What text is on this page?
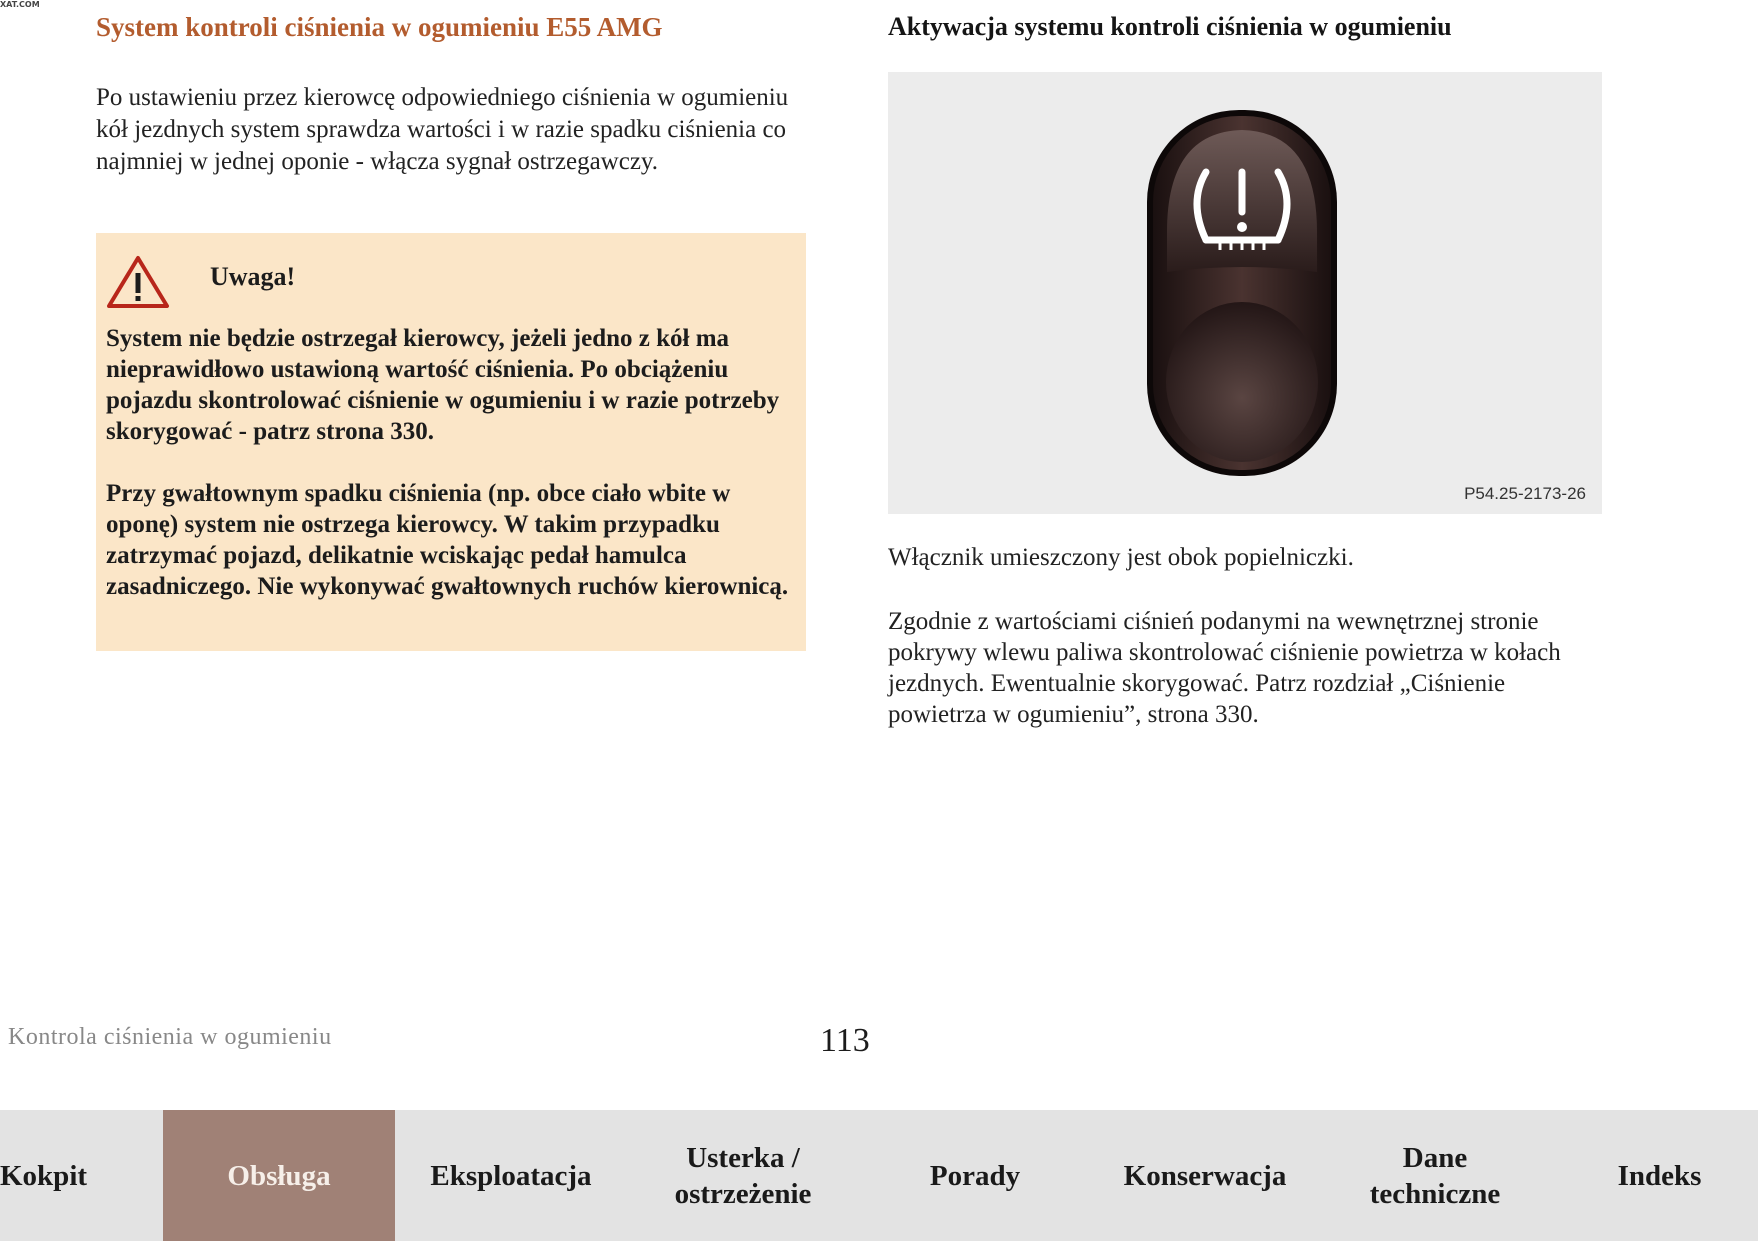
XAT.COM
System kontroli ciśnienia w ogumieniu E55 AMG
Po ustawieniu przez kierowcę odpowiedniego ciśnienia w ogumieniu kół jezdnych system sprawdza wartości i w razie spadku ciśnienia co najmniej w jednej oponie - włącza sygnał ostrzegawczy.
Uwaga!
System nie będzie ostrzegał kierowcy, jeżeli jedno z kół ma nieprawidłowo ustawioną wartość ciśnienia. Po obciążeniu pojazdu skontrolować ciśnienie w ogumieniu i w razie potrzeby skorygować - patrz strona 330.
Przy gwałtownym spadku ciśnienia (np. obce ciało wbite w oponę) system nie ostrzega kierowcy. W takim przypadku zatrzymać pojazd, delikatnie wciskając pedał hamulca zasadniczego. Nie wykonywać gwałtownych ruchów kierownicą.
Aktywacja systemu kontroli ciśnienia w ogumieniu
P54.25-2173-26
Włącznik umieszczony jest obok popielniczki.
Zgodnie z wartościami ciśnień podanymi na wewnętrznej stronie pokrywy wlewu paliwa skontrolować ciśnienie powietrza w kołach jezdnych. Ewentualnie skorygować. Patrz rozdział „Ciśnienie powietrza w ogumieniu”, strona 330.
Kontrola ciśnienia w ogumieniu	113
Kokpit	Obsługa	Eksploatacja
Usterka /
ostrzeżenie
Porady	Konserwacja
Dane
techniczne
Indeks
